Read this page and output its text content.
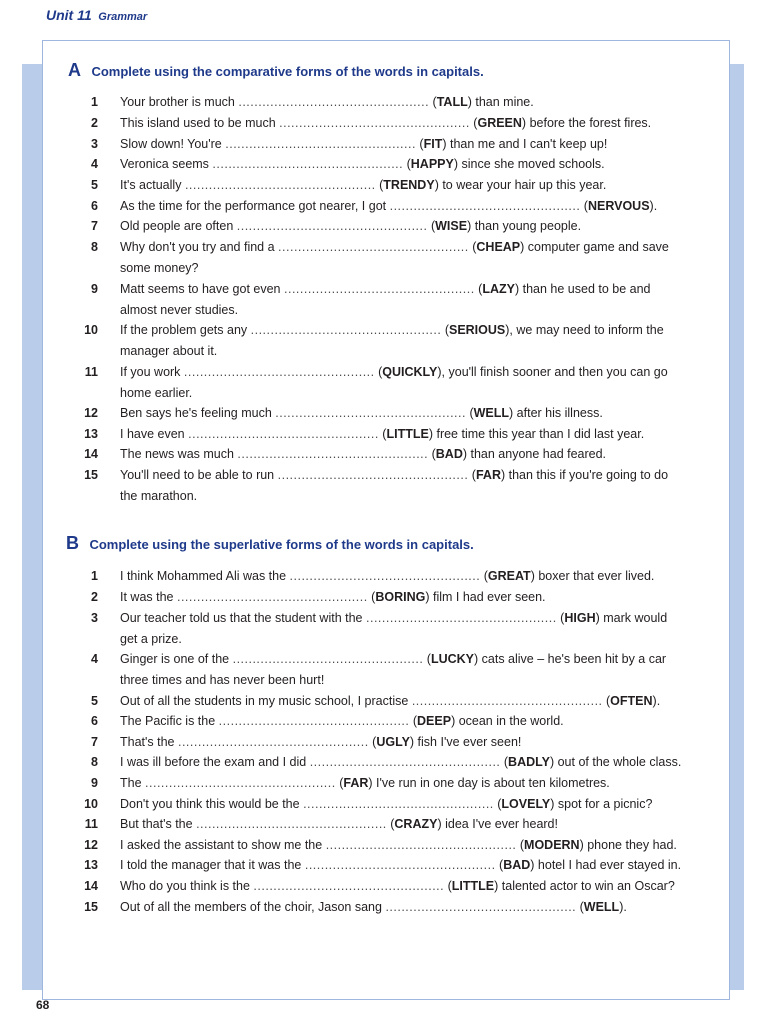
Unit 11 Grammar
A Complete using the comparative forms of the words in capitals.
1 Your brother is much ................................................ (TALL) than mine.
2 This island used to be much ................................................ (GREEN) before the forest fires.
3 Slow down! You're ................................................ (FIT) than me and I can't keep up!
4 Veronica seems ................................................ (HAPPY) since she moved schools.
5 It's actually ................................................ (TRENDY) to wear your hair up this year.
6 As the time for the performance got nearer, I got ................................................ (NERVOUS).
7 Old people are often ................................................ (WISE) than young people.
8 Why don't you try and find a ................................................ (CHEAP) computer game and save some money?
9 Matt seems to have got even ................................................ (LAZY) than he used to be and almost never studies.
10 If the problem gets any ................................................ (SERIOUS), we may need to inform the manager about it.
11 If you work ................................................ (QUICKLY), you'll finish sooner and then you can go home earlier.
12 Ben says he's feeling much ................................................ (WELL) after his illness.
13 I have even ................................................ (LITTLE) free time this year than I did last year.
14 The news was much ................................................ (BAD) than anyone had feared.
15 You'll need to be able to run ................................................ (FAR) than this if you're going to do the marathon.
B Complete using the superlative forms of the words in capitals.
1 I think Mohammed Ali was the ................................................ (GREAT) boxer that ever lived.
2 It was the ................................................ (BORING) film I had ever seen.
3 Our teacher told us that the student with the ................................................ (HIGH) mark would get a prize.
4 Ginger is one of the ................................................ (LUCKY) cats alive – he's been hit by a car three times and has never been hurt!
5 Out of all the students in my music school, I practise ................................................ (OFTEN).
6 The Pacific is the ................................................ (DEEP) ocean in the world.
7 That's the ................................................ (UGLY) fish I've ever seen!
8 I was ill before the exam and I did ................................................ (BADLY) out of the whole class.
9 The ................................................ (FAR) I've run in one day is about ten kilometres.
10 Don't you think this would be the ................................................ (LOVELY) spot for a picnic?
11 But that's the ................................................ (CRAZY) idea I've ever heard!
12 I asked the assistant to show me the ................................................ (MODERN) phone they had.
13 I told the manager that it was the ................................................ (BAD) hotel I had ever stayed in.
14 Who do you think is the ................................................ (LITTLE) talented actor to win an Oscar?
15 Out of all the members of the choir, Jason sang ................................................ (WELL).
68
